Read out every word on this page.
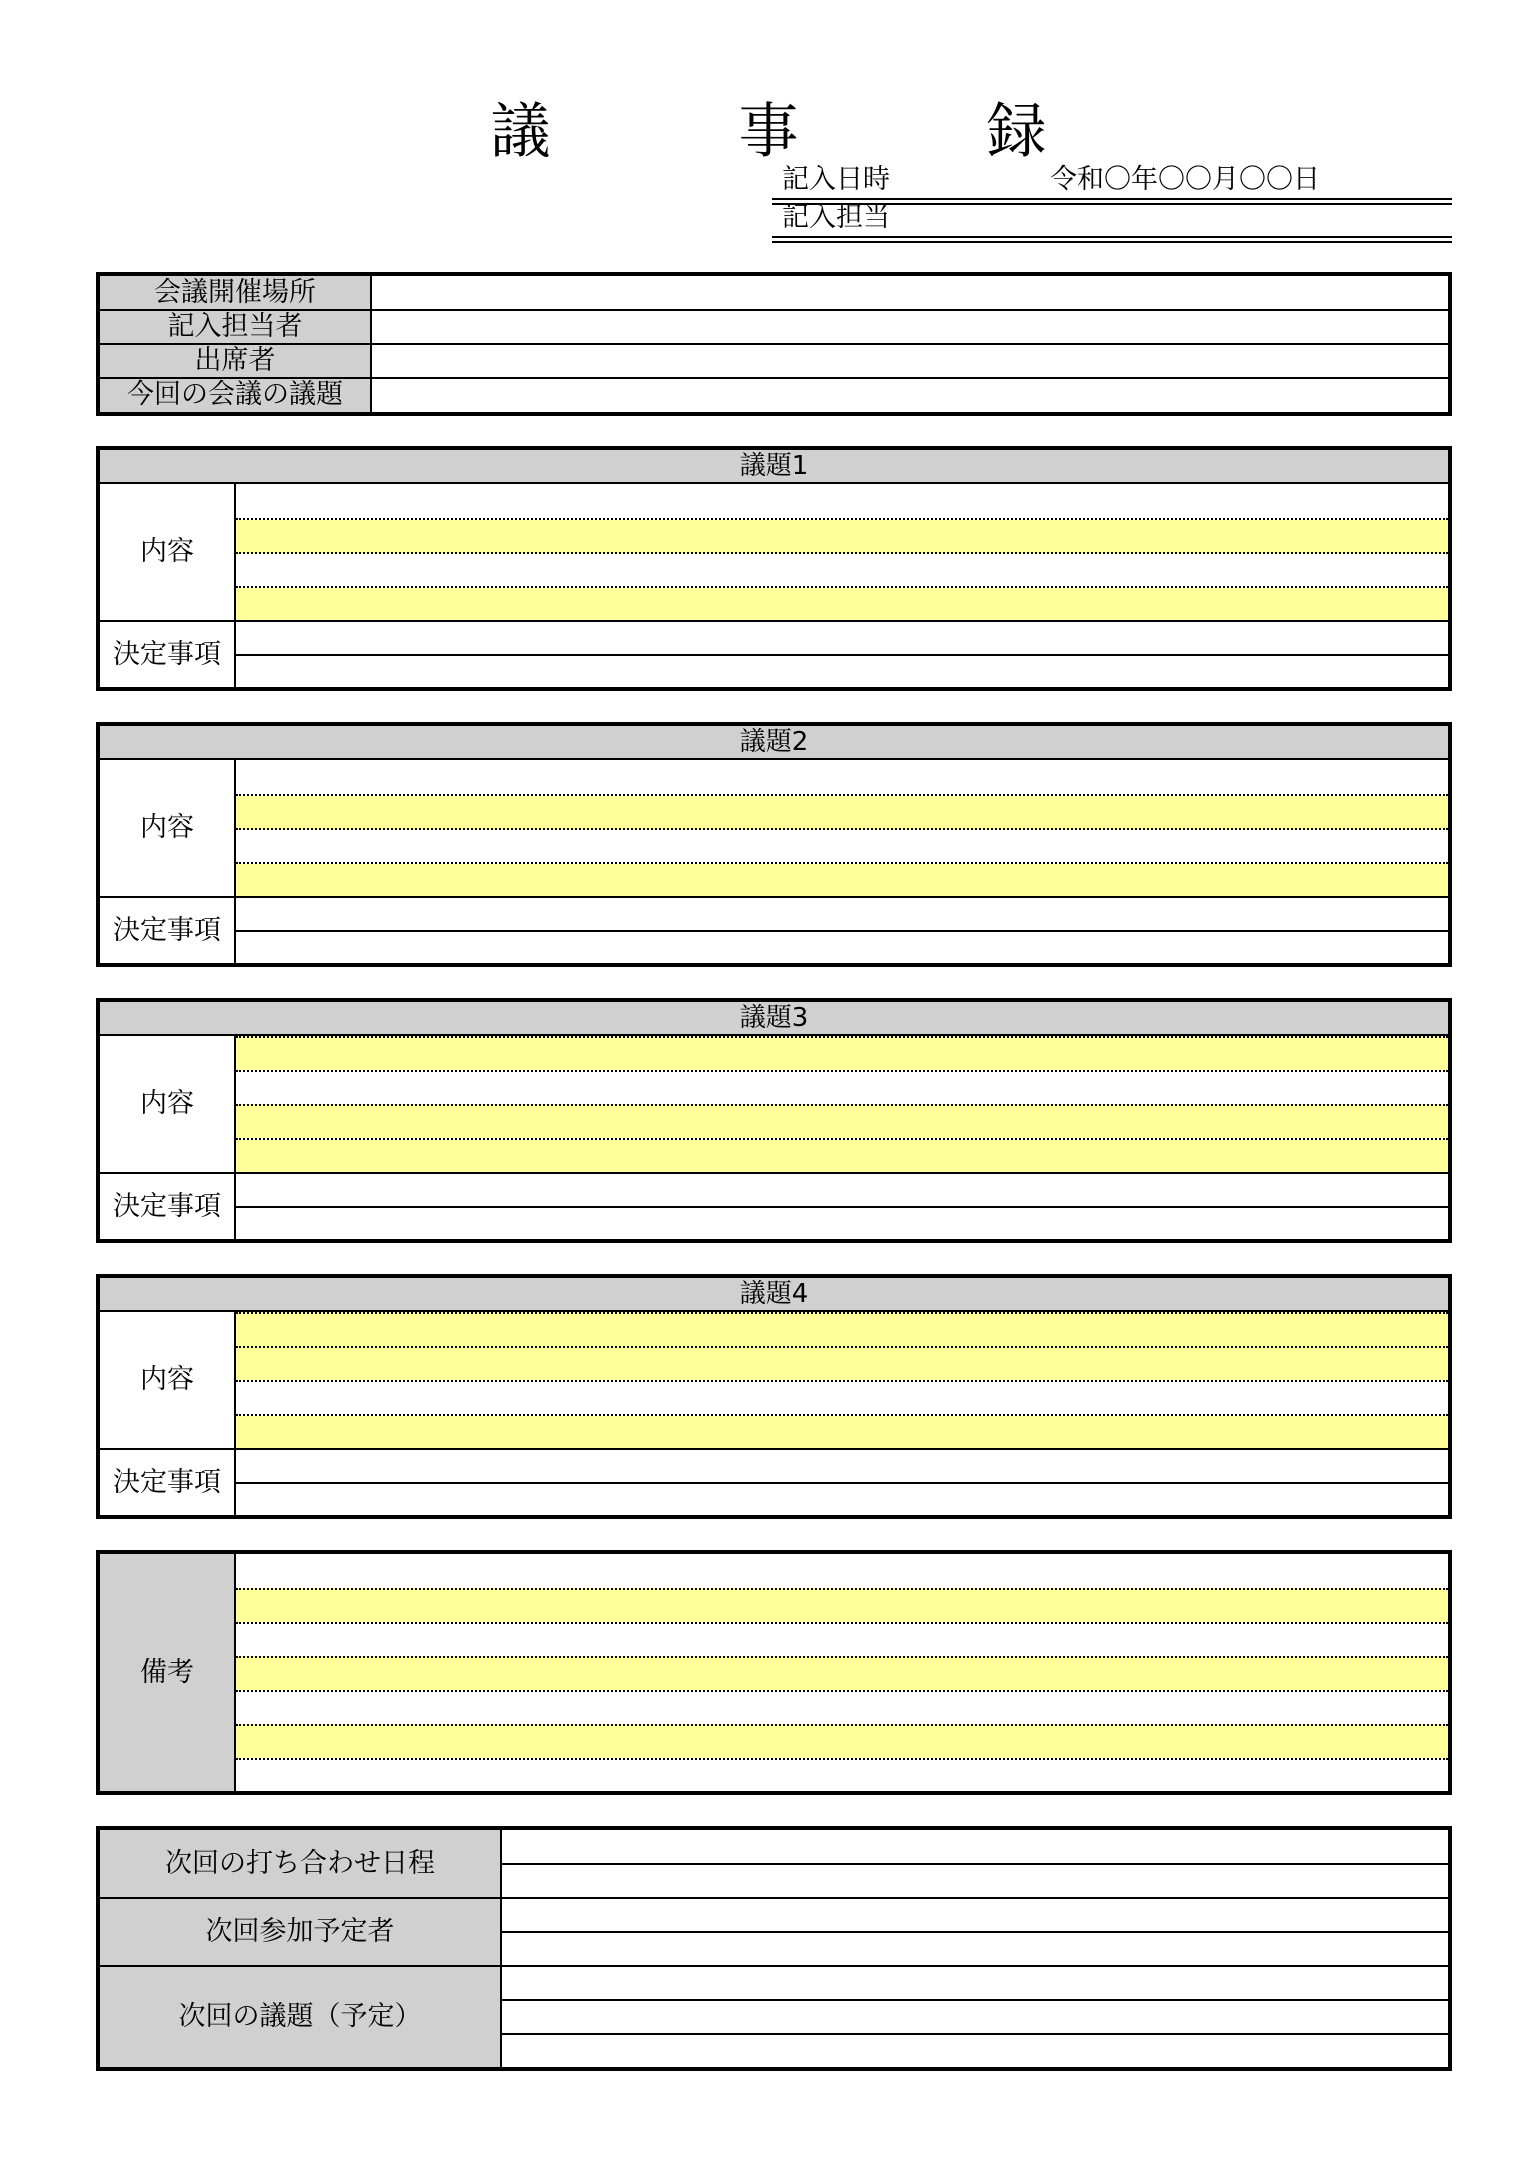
議　事　録
記入日時	令和〇年〇〇月〇〇日
記入担当
会議開催場所
記入担当者
出席者
今回の会議の議題
議題1
内容
決定事項
議題2
内容
決定事項
議題3
内容
決定事項
議題4
内容
決定事項
備考
次回の打ち合わせ日程
次回参加予定者
次回の議題（予定）
